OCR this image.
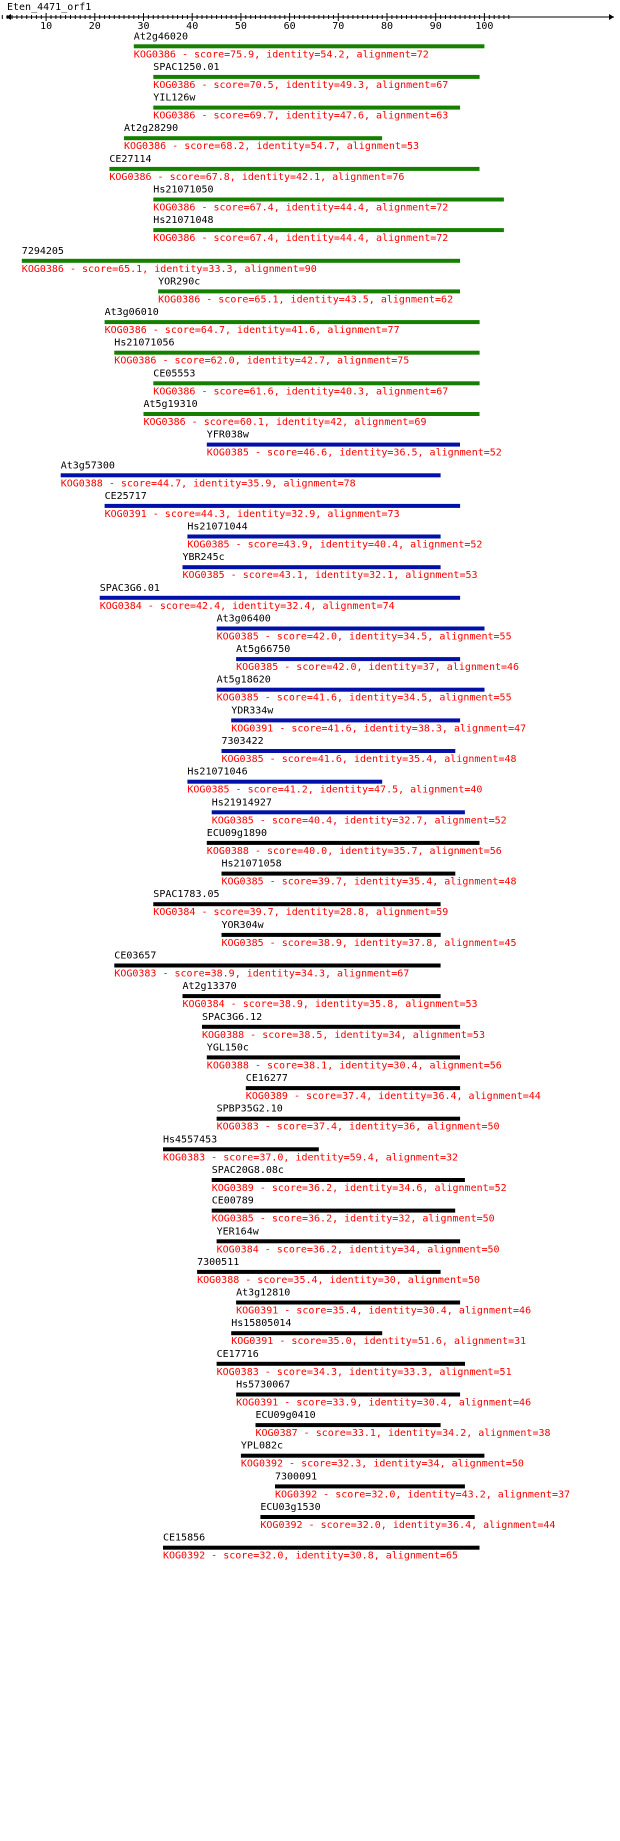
Eten_4471_orf1
10	20	30	40	50	60	70	80	90	100
At2g46020
KOG0386 - score=75.9, identity=54.2, alignment=72
SPAC1250.01
KOG0386 - score=70.5, identity=49.3, alignment=67
YIL126w
KOG0386 - score=69.7, identity=47.6, alignment=63
At2g28290
KOG0386 - score=68.2, identity=54.7, alignment=53
CE27114
KOG0386 - score=67.8, identity=42.1, alignment=76
Hs21071050
KOG0386 - score=67.4, identity=44.4, alignment=72
Hs21071048
KOG0386 - score=67.4, identity=44.4, alignment=72
7294205
KOG0386 - score=65.1, identity=33.3, alignment=90
YOR290c
KOG0386 - score=65.1, identity=43.5, alignment=62
At3g06010
KOG0386 - score=64.7, identity=41.6, alignment=77
Hs21071056
KOG0386 - score=62.0, identity=42.7, alignment=75
CE05553
KOG0386 - score=61.6, identity=40.3, alignment=67
At5g19310
KOG0386 - score=60.1, identity=42, alignment=69
YFR038w
KOG0385 - score=46.6, identity=36.5, alignment=52
At3g57300
KOG0388 - score=44.7, identity=35.9, alignment=78
CE25717
KOG0391 - score=44.3, identity=32.9, alignment=73
Hs21071044
KOG0385 - score=43.9, identity=40.4, alignment=52
YBR245c
KOG0385 - score=43.1, identity=32.1, alignment=53
SPAC3G6.01
KOG0384 - score=42.4, identity=32.4, alignment=74
At3g06400
KOG0385 - score=42.0, identity=34.5, alignment=55
At5g66750
KOG0385 - score=42.0, identity=37, alignment=46
At5g18620
KOG0385 - score=41.6, identity=34.5, alignment=55
YDR334w
KOG0391 - score=41.6, identity=38.3, alignment=47
7303422
KOG0385 - score=41.6, identity=35.4, alignment=48
Hs21071046
KOG0385 - score=41.2, identity=47.5, alignment=40
Hs21914927
KOG0385 - score=40.4, identity=32.7, alignment=52
ECU09g1890
KOG0388 - score=40.0, identity=35.7, alignment=56
Hs21071058
KOG0385 - score=39.7, identity=35.4, alignment=48
SPAC1783.05
KOG0384 - score=39.7, identity=28.8, alignment=59
YOR304w
KOG0385 - score=38.9, identity=37.8, alignment=45
CE03657
KOG0383 - score=38.9, identity=34.3, alignment=67
At2g13370
KOG0384 - score=38.9, identity=35.8, alignment=53
SPAC3G6.12
KOG0388 - score=38.5, identity=34, alignment=53
YGL150c
KOG0388 - score=38.1, identity=30.4, alignment=56
CE16277
KOG0389 - score=37.4, identity=36.4, alignment=44
SPBP35G2.10
KOG0383 - score=37.4, identity=36, alignment=50
Hs4557453
KOG0383 - score=37.0, identity=59.4, alignment=32
SPAC20G8.08c
KOG0389 - score=36.2, identity=34.6, alignment=52
CE00789
KOG0385 - score=36.2, identity=32, alignment=50
YER164w
KOG0384 - score=36.2, identity=34, alignment=50
7300511
KOG0388 - score=35.4, identity=30, alignment=50
At3g12810
KOG0391 - score=35.4, identity=30.4, alignment=46
Hs15805014
KOG0391 - score=35.0, identity=51.6, alignment=31
CE17716
KOG0383 - score=34.3, identity=33.3, alignment=51
Hs5730067
KOG0391 - score=33.9, identity=30.4, alignment=46
ECU09g0410
KOG0387 - score=33.1, identity=34.2, alignment=38
YPL082c
KOG0392 - score=32.3, identity=34, alignment=50
7300091
KOG0392 - score=32.0, identity=43.2, alignment=37
ECU03g1530
KOG0392 - score=32.0, identity=36.4, alignment=44
CE15856
KOG0392 - score=32.0, identity=30.8, alignment=65
